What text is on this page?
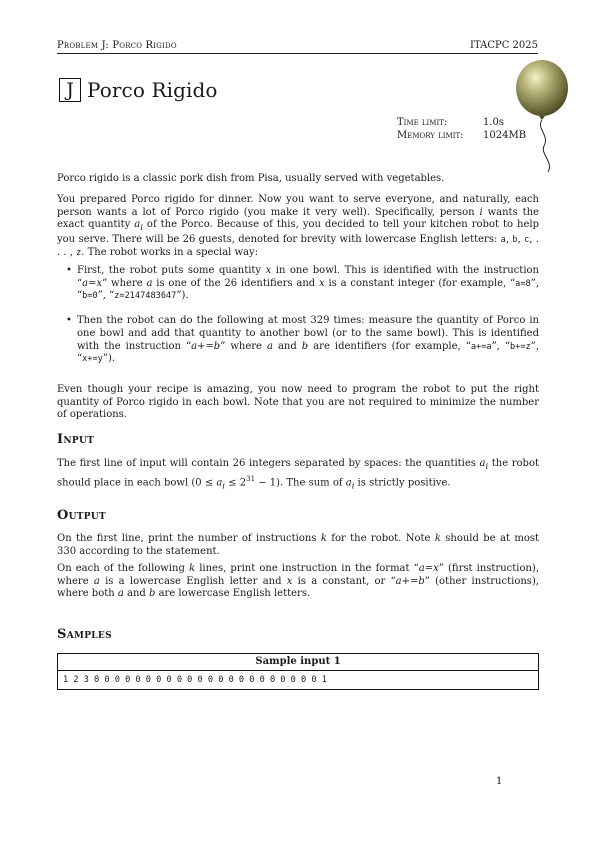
Problem J: Porco Rigido	ITACPC 2025
J Porco Rigido
Time limit:	1.0s
Memory limit:	1024MB

Porco rigido is a classic pork dish from Pisa, usually served with vegetables.

You prepared Porco rigido for dinner. Now you want to serve everyone, and naturally, each person wants a lot of Porco rigido (you make it very well). Specifically, person i wants the exact quantity $a_i$ of the Porco. Because of this, you decided to tell your kitchen robot to help you serve. There will be 26 guests, denoted for brevity with lowercase English letters: a, b, c, . . . , z. The robot works in a special way:

• First, the robot puts some quantity x in one bowl. This is identified with the instruction “a=x” where a is one of the 26 identifiers and x is a constant integer (for example, “a=8”, “b=0”, “z=2147483647”).
• Then the robot can do the following at most 329 times: measure the quantity of Porco in one bowl and add that quantity to another bowl (or to the same bowl). This is identified with the instruction “a+=b” where a and b are identifiers (for example, “a+=a”, “b+=z”, “x+=y”).

Even though your recipe is amazing, you now need to program the robot to put the right quantity of Porco rigido in each bowl. Note that you are not required to minimize the number of operations.

Input

The first line of input will contain 26 integers separated by spaces: the quantities $a_i$ the robot should place in each bowl $(0 \le a_i \le 2^{31} - 1)$. The sum of $a_i$ is strictly positive.

Output

On the first line, print the number of instructions k for the robot. Note k should be at most 330 according to the statement.

On each of the following k lines, print one instruction in the format “a=x” (first instruction), where a is a lowercase English letter and x is a constant, or “a+=b” (other instructions), where both a and b are lowercase English letters.

Samples
Sample input 1
1 2 3 0 0 0 0 0 0 0 0 0 0 0 0 0 0 0 0 0 0 0 0 0 0 1
1
